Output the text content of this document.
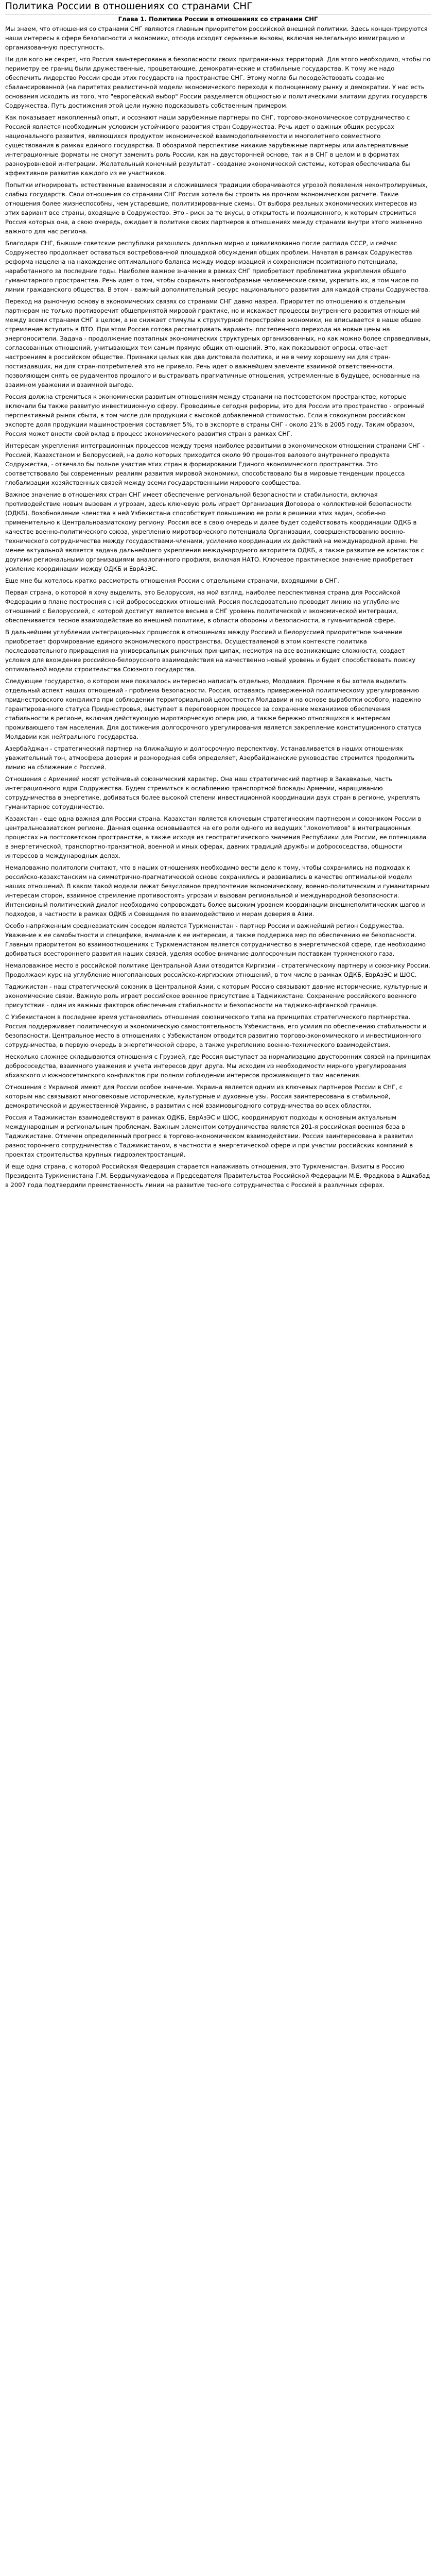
Политика России в отношениях со странами СНГ
Глава 1. Политика России в отношениях со странами СНГ

Мы знаем, что отношения со странами СНГ являются главным приоритетом российской внешней политики. Здесь концентрируются наши интересы в сфере безопасности и экономики, отсюда исходят серьезные вызовы, включая нелегальную иммиграцию и организованную преступность.

Ни для кого не секрет, что Россия заинтересована в безопасности своих приграничных территорий. Для этого необходимо, чтобы по периметру ее границ были дружественные, процветающие, демократические и стабильные государства. К тому же надо обеспечить лидерство России среди этих государств на пространстве СНГ. Этому могла бы посодействовать создание сбалансированной (на паритетах реалистичной модели экономического перехода к полноценному рынку и демократии. У нас есть основания исходить из того, что "европейский выбор" России разделяется общностью и политическими элитами других государств Содружества. Путь достижения этой цели нужно подсказывать собственным примером.

Как показывает накопленный опыт, и осознают наши зарубежные партнеры по СНГ, торгово-экономическое сотрудничество с Россией является необходимым условием устойчивого развития стран Содружества. Речь идет о важных общих ресурсах национального развития, являющихся продуктом экономической взаимодополняемости и многолетнего совместного существования в рамках единого государства. В обозримой перспективе никакие зарубежные партнеры или альтернативные интеграционные форматы не смогут заменить роль России, как на двусторонней основе, так и в СНГ в целом и в форматах разноуровневой интеграции. Желательный конечный результат - создание экономической системы, которая обеспечивала бы эффективное развитие каждого из ее участников.

Попытки игнорировать естественные взаимосвязи и сложившиеся традиции оборачиваются угрозой появления неконтролируемых, слабых государств. Свои отношения со странами СНГ Россия хотела бы строить на прочном экономическом расчете. Такие отношения более жизнеспособны, чем устаревшие, политизированные схемы. От выбора реальных экономических интересов из этих вариант все страны, входящие в Содружество. Это - риск за те вкусы, в открытость и позиционного, к которым стремиться Россия которых она, а свою очередь, ожидает в политике своих партнеров в отношениях между странами внутри этого жизненно важного для нас региона.

Благодаря СНГ, бывшие советские республики разошлись довольно мирно и цивилизованно после распада СССР, и сейчас Содружество продолжает оставаться востребованной площадкой обсуждения общих проблем. Начатая в рамках Содружества реформа нацелена на нахождение оптимального баланса между модернизацией и сохранением позитивного потенциала, наработанного за последние годы. Наиболее важное значение в рамках СНГ приобретают проблематика укрепления общего гуманитарного пространства. Речь идет о том, чтобы сохранить многообразные человеческие связи, укрепить их, в том числе по линии гражданского общества. В этом - важный дополнительный ресурс национального развития для каждой страны Содружества.

Переход на рыночную основу в экономических связях со странами СНГ давно назрел. Приоритет по отношению к отдельным партнерам не только противоречит общепринятой мировой практике, но и искажает процессы внутреннего развития отношений между всеми странами СНГ в целом, а не снижает стимулы к структурной перестройке экономики, не вписывается в наше общее стремление вступить в ВТО. При этом Россия готова рассматривать варианты постепенного перехода на новые цены на энергоносители. Задача - продолжение поэтапных экономических структурных организованных, но как можно более справедливых, согласованных отношений, учитывающих тем самым прямую общих отношений. Это, как показывают опросы, отвечает настроениям в российском обществе. Признаки целых как два диктовала политика, и не в чему хорошему ни для стран-постиздавших, ни для стран-потребителей это не привело. Речь идет о важнейшем элементе взаимной ответственности, позволяющем снять ее рудаментов прошлого и выстраивать прагматичные отношения, устремленные в будущее, основанные на взаимном уважении и взаимной выгоде.

Россия должна стремиться к экономически развитым отношениям между странами на постсоветском пространстве, которые включали бы также развитую инвестиционную сферу. Проводимые сегодня реформы, это для России это пространство - огромный перспективный рынок сбыта, в том числе для продукции с высокой добавленной стоимостью. Если в совокупном российском экспорте доля продукции машиностроения составляет 5%, то в экспорте в страны СНГ - около 21% в 2005 году. Таким образом, Россия может внести свой вклад в процесс экономического развития стран в рамках СНГ.

Интересам укрепления интеграционных процессов между тремя наиболее развитыми в экономическом отношении странами СНГ - Россией, Казахстаном и Белоруссией, на долю которых приходится около 90 процентов валового внутреннего продукта Содружества, - отвечало бы полное участие этих стран в формировании Единого экономического пространства. Это соответствовало бы современным реалиям развития мировой экономики, способствовало бы в мировые тенденции процесса глобализации хозяйственных связей между всеми государственными мирового сообщества.

Важное значение в отношениях стран СНГ имеет обеспечение региональной безопасности и стабильности, включая противодействие новым вызовам и угрозам, здесь ключевую роль играет Организация Договора о коллективной безопасности (ОДКБ). Возобновление членства в ней Узбекистана способствует повышению ее роли в решении этих задач, особенно применительно к Центральноазиатскому региону. Россия все в свою очередь и далее будет содействовать координации ОДКБ в качестве военно-политического союза, укреплению миротворческого потенциала Организации, совершенствованию военно-технического сотрудничества между государствами-членами, усилению координации их действий на международной арене. Не менее актуальной является задача дальнейшего укрепления международного авторитета ОДКБ, а также развитие ее контактов с другими региональными организациями аналогичного профиля, включая НАТО. Ключевое практическое значение приобретает усиление координации между ОДКБ и ЕврАзЭС.

Еще мне бы хотелось кратко рассмотреть отношения России с отдельными странами, входящими в СНГ.

Первая страна, о которой я хочу выделить, это Белоруссия, на мой взгляд, наиболее перспективная страна для Российской Федерации в плане построения с ней добрососедских отношений. Россия последовательно проводит линию на углубление отношений с Белоруссией, с которой достигут являетсе весьма в СНГ уровень политической и экономической интеграции, обеспечивается тесное взаимодействие во внешней политике, в области обороны и безопасности, в гуманитарной сфере.

В дальнейшем углублении интеграционных процессов в отношениях между Россией и Белоруссией приоритетное значение приобретает формирование единого экономического пространства. Осуществляемой в этом контексте политика последовательного приращения на универсальных рыночных принципах, несмотря на все возникающие сложности, создает условия для вхождение российско-белорусского взаимодействия на качественно новый уровень и будет способствовать поиску оптимальной модели строительства Союзного государства.

Следующее государство, о котором мне показалось интересно написать отдельно, Молдавия. Прочнее я бы хотела выделить отдельный аспект наших отношений - проблема безопасности. Россия, оставаясь приверженной политическому урегулированию приднестровского конфликта при соблюдении территориальной целостности Молдавии и на основе выработки особого, надежно гарантированного статуса Приднестровья, выступает в переговорном процессе за сохранение механизмов обеспечения стабильности в регионе, включая действующую миротворческую операцию, а также бережно относящихся к интересам проживающего там населения. Для достижения долгосрочного урегулирования является закрепление конституционного статуса Молдавии как нейтрального государства.

Азербайджан - стратегический партнер на ближайшую и долгосрочную перспективу. Устанавливается в наших отношениях уважительный тон, атмосфера доверия и разнородная себя определяет, Азербайджанские руководство стремится продолжить линию на сближение с Россией.

Отношения с Арменией носят устойчивый союзнический характер. Она наш стратегический партнер в Закавказье, часть интеграционного ядра Содружества. Будем стремиться к ослаблению транспортной блокады Армении, наращиванию сотрудничества в энергетике, добиваться более высокой степени инвестиционной координации двух стран в регионе, укреплять гуманитарное сотрудничество.

Казахстан - еще одна важная для России страна. Казахстан является ключевым стратегическим партнером и союзником России в центральноазиатском регионе. Данная оценка основывается на его роли одного из ведущих "локомотивов" в интеграционных процессах на постсоветском пространстве, а также исходя из геостратегического значения Республики для России, ее потенциала в энергетической, транспортно-транзитной, военной и иных сферах, давних традиций дружбы и добрососедства, общности интересов в международных делах.

Немаловажно политологи считают, что в наших отношениях необходимо вести дело к тому, чтобы сохранились на подходах к российско-казахстанским на симметрично-прагматической основе сохранились и развивались в качестве оптимальной модели наших отношений. В каком такой модели лежат безусловное предпочтение экономическому, военно-политическим и гуманитарным интересам сторон, взаимное стремление противостоять угрозам и вызовам региональной и международной безопасности. Интенсивный политический диалог необходимо сопровождать более высоким уровнем координации внешнеполитических шагов и подходов, в частности в рамках ОДКБ и Совещания по взаимодействию и мерам доверия в Азии.

Особо напряженным среднеазиатским соседом является Туркменистан - партнер России и важнейший регион Содружества. Уважение к ее самобытности и специфике, внимание к ее интересам, а также поддержка мер по обеспечению ее безопасности. Главным приоритетом во взаимоотношениях с Туркменистаном является сотрудничество в энергетической сфере, где необходимо добиваться всестороннего развития наших связей, уделяя особое внимание долгосрочным поставкам туркменского газа.

Немаловажное место в российской политике Центральной Азии отводится Киргизии - стратегическому партнеру и союзнику России. Продолжаем курс на углубление многоплановых российско-киргизских отношений, в том числе в рамках ОДКБ, ЕврАзЭС и ШОС.

Таджикистан - наш стратегический союзник в Центральной Азии, с которым Россию связывают давние исторические, культурные и экономические связи. Важную роль играет российское военное присутствие в Таджикистане. Сохранение российского военного присутствия - один из важных факторов обеспечения стабильности и безопасности на таджико-афганской границе.

С Узбекистаном в последнее время установились отношения союзнического типа на принципах стратегического партнерства. Россия поддерживает политическую и экономическую самостоятельность Узбекистана, его усилия по обеспечению стабильности и безопасности. Центральное место в отношениях с Узбекистаном отводится развитию торгово-экономического и инвестиционного сотрудничества, в первую очередь в энергетической сфере, а также укреплению военно-технического взаимодействия.

Несколько сложнее складываются отношения с Грузией, где Россия выступает за нормализацию двусторонних связей на принципах добрососедства, взаимного уважения и учета интересов друг друга. Мы исходим из необходимости мирного урегулирования абхазского и южноосетинского конфликтов при полном соблюдении интересов проживающего там населения.

Отношения с Украиной имеют для России особое значение. Украина является одним из ключевых партнеров России в СНГ, с которым нас связывают многовековые исторические, культурные и духовные узы. Россия заинтересована в стабильной, демократической и дружественной Украине, в развитии с ней взаимовыгодного сотрудничества во всех областях.

Россия и Таджикистан взаимодействуют в рамках ОДКБ, ЕврАзЭС и ШОС, координируют подходы к основным актуальным международным и региональным проблемам. Важным элементом сотрудничества является 201-я российская военная база в Таджикистане. Отмечен определенный прогресс в торгово-экономическом взаимодействии. Россия заинтересована в развитии разностороннего сотрудничества с Таджикистаном, в частности в энергетической сфере и при участии российских компаний в проектах строительства крупных гидроэлектростанций.

И еще одна страна, с которой Российская Федерация старается налаживать отношения, это Туркменистан. Визиты в Россию Президента Туркменистана Г.М. Бердымухамедова и Председателя Правительства Российской Федерации М.Е. Фрадкова в Ашхабад в 2007 года подтвердили преемственность линии на развитие тесного сотрудничества с Россией в различных сферах.
